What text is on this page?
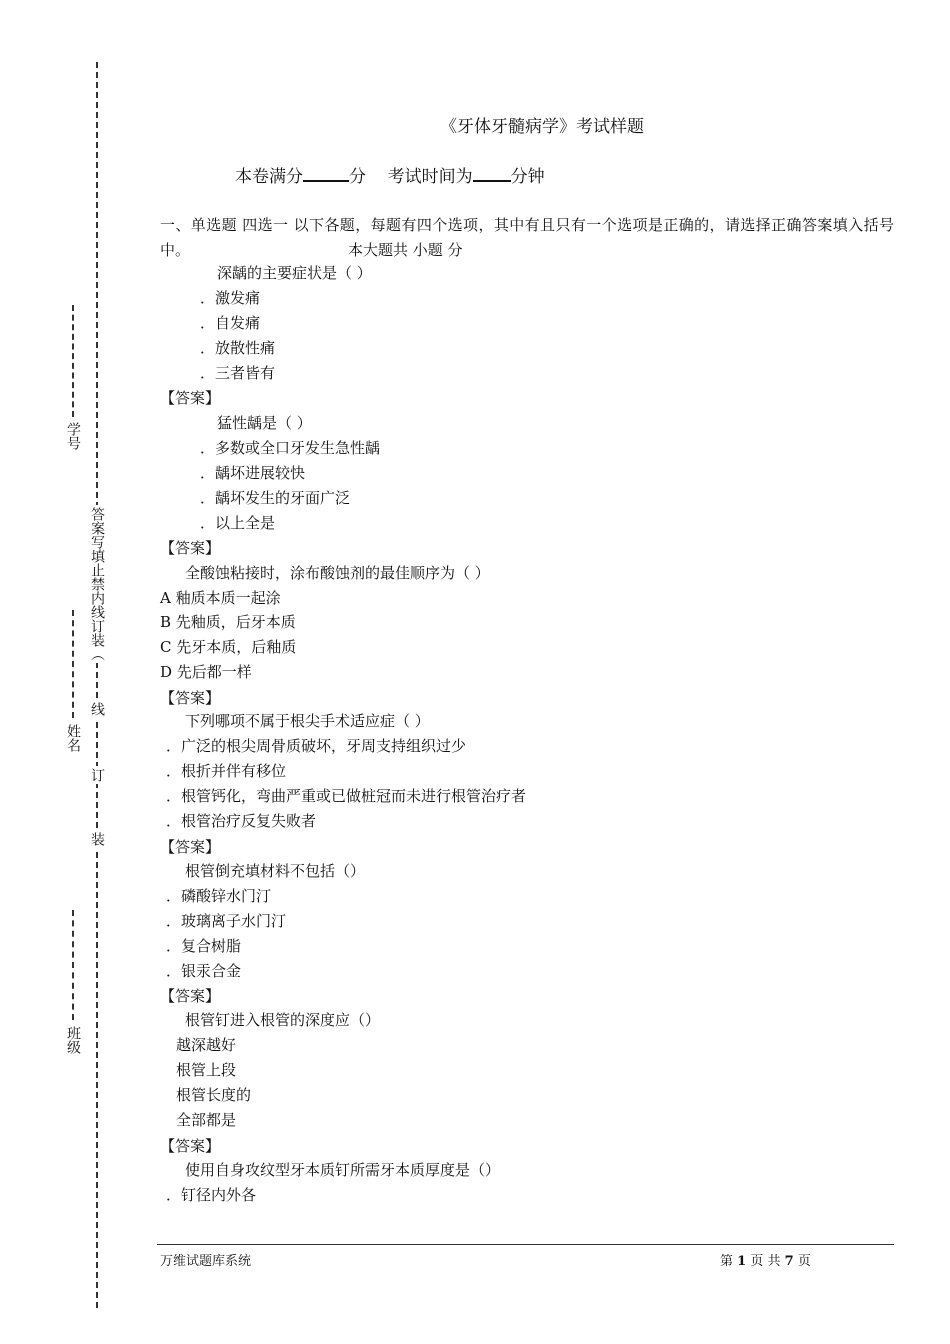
学号
姓名
班级
答案写填止禁内线订装（
线
订
装
《牙体牙髓病学》考试样题
本卷满分	分 考试时间为 分钟
一、单选题 四选一 以下各题，每题有四个选项，其中有且只有一个选项是正确的，请选择正确答案填入括号中。	本大题共 小题 分
深龋的主要症状是（ ）
．激发痛
．自发痛
．放散性痛
．三者皆有
【答案】
猛性龋是（ ）
．多数或全口牙发生急性龋
．龋坏进展较快
．龋坏发生的牙面广泛
．以上全是
【答案】
全酸蚀粘接时，涂布酸蚀剂的最佳顺序为（ ）
A 釉质本质一起涂
B 先釉质，后牙本质
C 先牙本质，后釉质
D 先后都一样
【答案】
下列哪项不属于根尖手术适应症（ ）
．广泛的根尖周骨质破坏，牙周支持组织过少
．根折并伴有移位
．根管钙化，弯曲严重或已做桩冠而未进行根管治疗者
．根管治疗反复失败者
【答案】
根管倒充填材料不包括（）
．磷酸锌水门汀
．玻璃离子水门汀
．复合树脂
．银汞合金
【答案】
根管钉进入根管的深度应（）
越深越好
根管上段
根管长度的
全部都是
【答案】
使用自身攻纹型牙本质钉所需牙本质厚度是（）
．钉径内外各
万维试题库系统	第 1 页 共 7 页
